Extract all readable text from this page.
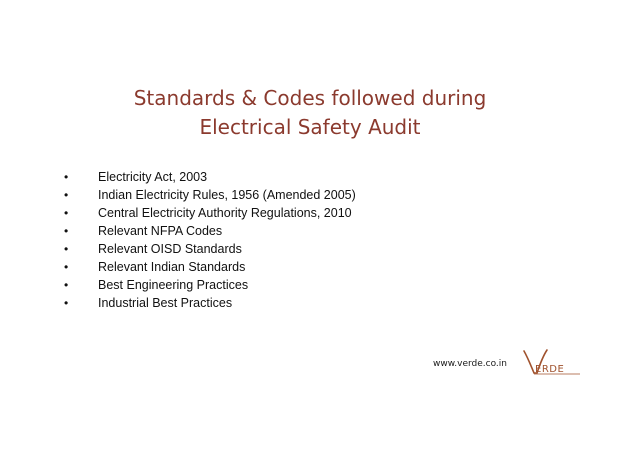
Standards & Codes followed during
Electrical Safety Audit
• Electricity Act, 2003
• Indian Electricity Rules, 1956 (Amended 2005)
• Central Electricity Authority Regulations, 2010
• Relevant NFPA Codes
• Relevant OISD Standards
• Relevant Indian Standards
• Best Engineering Practices
• Industrial Best Practices
www.verde.co.in	ERDE
